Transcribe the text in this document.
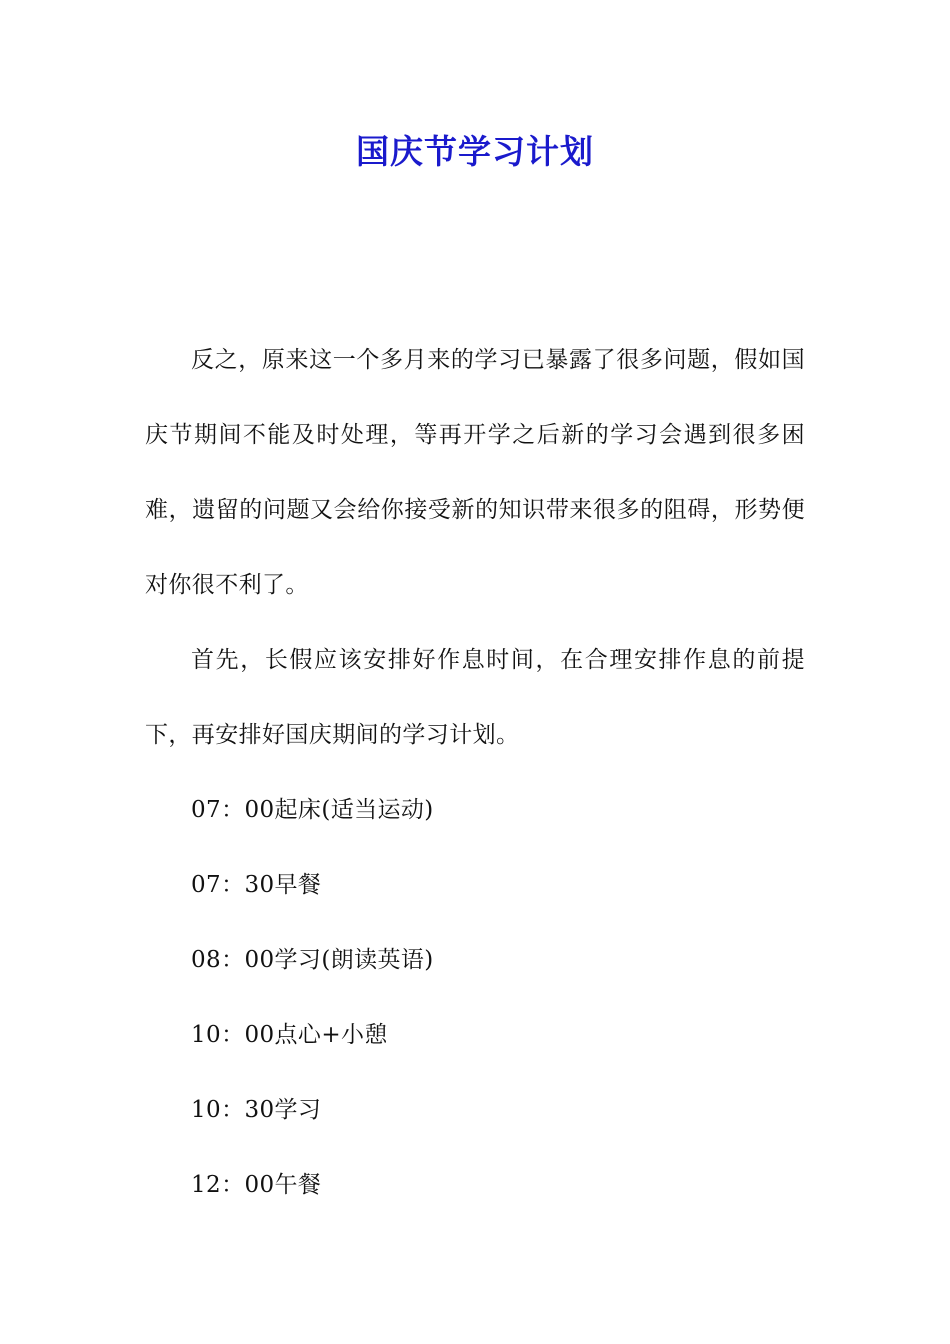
国庆节学习计划

反之，原来这一个多月来的学习已暴露了很多问题，假如国庆节期间不能及时处理，等再开学之后新的学习会遇到很多困难，遗留的问题又会给你接受新的知识带来很多的阻碍，形势便对你很不利了。

首先，长假应该安排好作息时间，在合理安排作息的前提下，再安排好国庆期间的学习计划。

07：00起床(适当运动)

07：30早餐

08：00学习(朗读英语)

10：00点心+小憩

10：30学习

12：00午餐
